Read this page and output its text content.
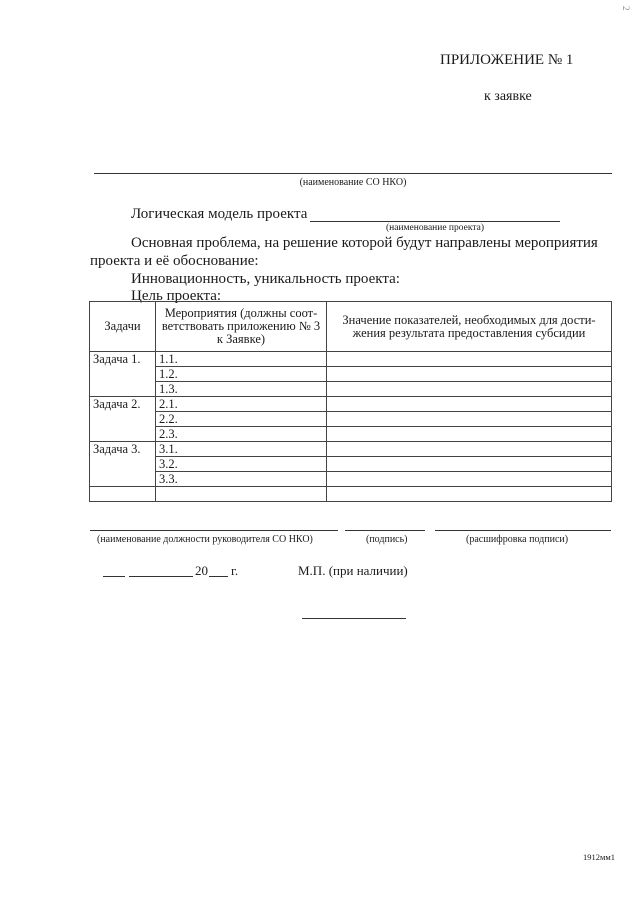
2
ПРИЛОЖЕНИЕ № 1
к заявке
(наименование СО НКО)
Логическая модель проекта
(наименование проекта)
Основная проблема, на решение которой будут направлены мероприятия
проекта и её обоснование:
Инновационность, уникальность проекта:
Цель проекта:
Задачи	Мероприятия (должны соот-ветствовать приложению № 3 к Заявке)	Значение показателей, необходимых для дости-жения результата предоставления субсидии
Задача 1.	1.1.	
	1.2.	
	1.3.	
Задача 2.	2.1.	
	2.2.	
	2.3.	
Задача 3.	3.1.	
	3.2.	
	3.3.	

(наименование должности руководителя СО НКО)	(подпись)	(расшифровка подписи)
20 г.	М.П. (при наличии)
1912мм1
